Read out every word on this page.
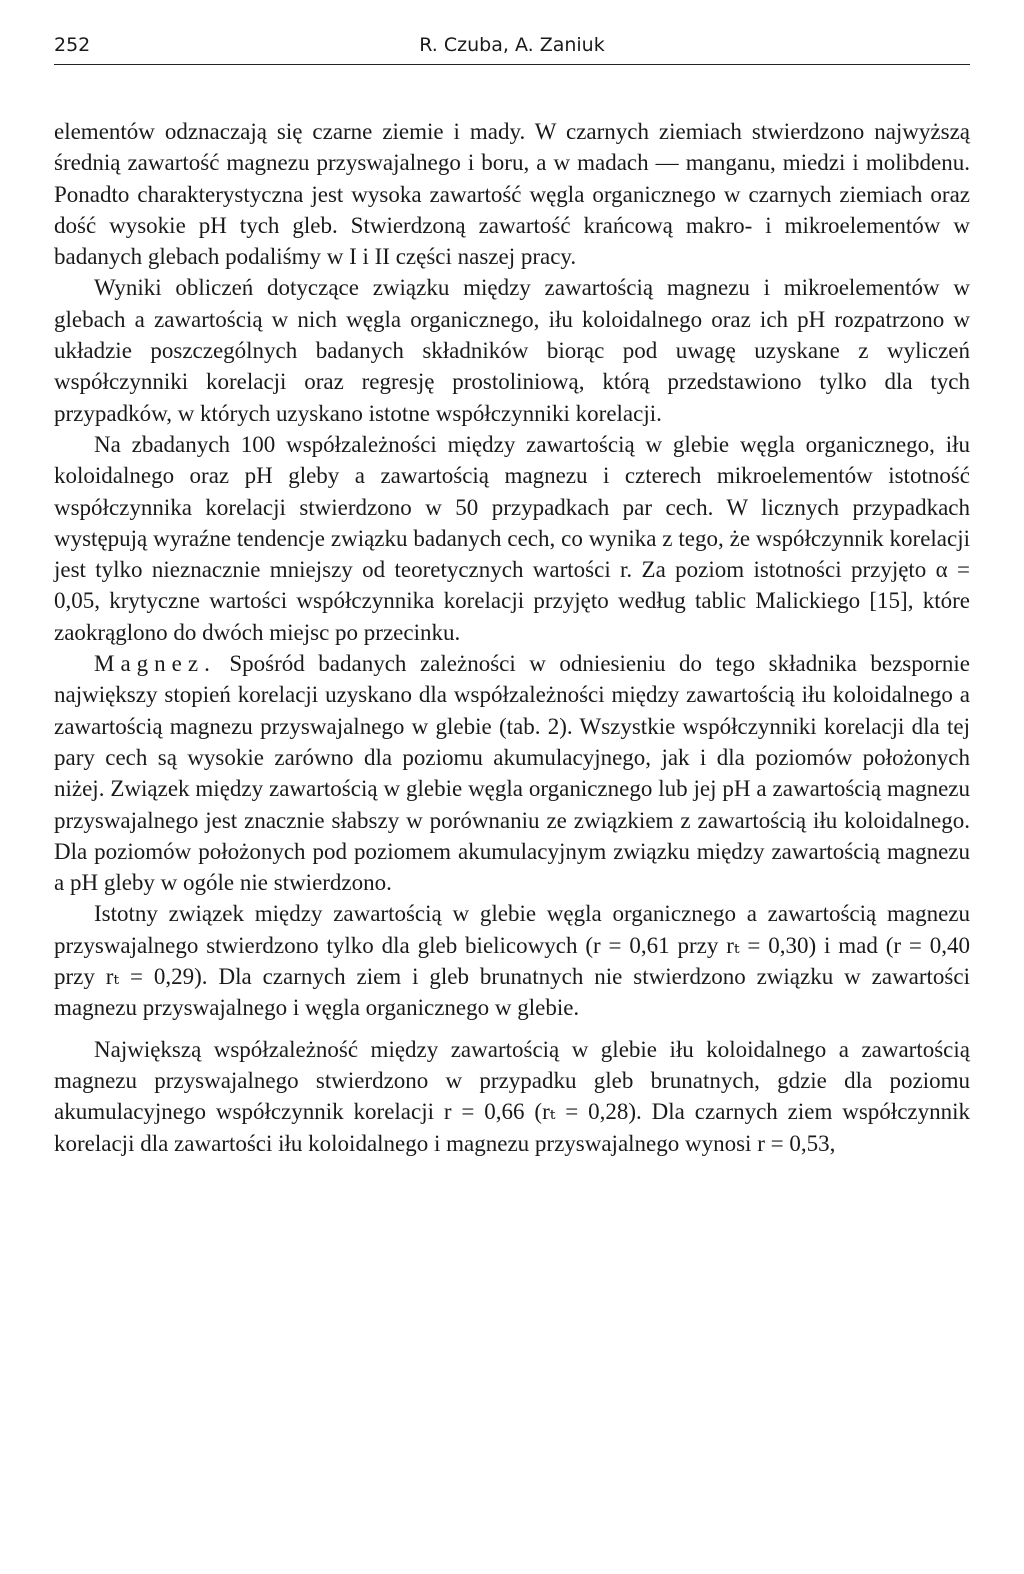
252	R. Czuba, A. Zaniuk

elementów odznaczają się czarne ziemie i mady. W czarnych ziemiach stwierdzono najwyższą średnią zawartość magnezu przyswajalnego i boru, a w madach — manganu, miedzi i molibdenu. Ponadto charakterystyczna jest wysoka zawartość węgla organicznego w czarnych ziemiach oraz dość wysokie pH tych gleb. Stwierdzoną zawartość krańcową makro- i mikroelementów w badanych glebach podaliśmy w I i II części naszej pracy.

Wyniki obliczeń dotyczące związku między zawartością magnezu i mikroelementów w glebach a zawartością w nich węgla organicznego, iłu koloidalnego oraz ich pH rozpatrzono w układzie poszczególnych badanych składników biorąc pod uwagę uzyskane z wyliczeń współczynniki korelacji oraz regresję prostoliniową, którą przedstawiono tylko dla tych przypadków, w których uzyskano istotne współczynniki korelacji.

Na zbadanych 100 współzależności między zawartością w glebie węgla organicznego, iłu koloidalnego oraz pH gleby a zawartością magnezu i czterech mikroelementów istotność współczynnika korelacji stwierdzono w 50 przypadkach par cech. W licznych przypadkach występują wyraźne tendencje związku badanych cech, co wynika z tego, że współczynnik korelacji jest tylko nieznacznie mniejszy od teoretycznych wartości r. Za poziom istotności przyjęto α = 0,05, krytyczne wartości współczynnika korelacji przyjęto według tablic Malickiego [15], które zaokrąglono do dwóch miejsc po przecinku.

Magnez. Spośród badanych zależności w odniesieniu do tego składnika bezspornie największy stopień korelacji uzyskano dla współzależności między zawartością iłu koloidalnego a zawartością magnezu przyswajalnego w glebie (tab. 2). Wszystkie współczynniki korelacji dla tej pary cech są wysokie zarówno dla poziomu akumulacyjnego, jak i dla poziomów położonych niżej. Związek między zawartością w glebie węgla organicznego lub jej pH a zawartością magnezu przyswajalnego jest znacznie słabszy w porównaniu ze związkiem z zawartością iłu koloidalnego. Dla poziomów położonych pod poziomem akumulacyjnym związku między zawartością magnezu a pH gleby w ogóle nie stwierdzono.

Istotny związek między zawartością w glebie węgla organicznego a zawartością magnezu przyswajalnego stwierdzono tylko dla gleb bielicowych (r = 0,61 przy rₜ = 0,30) i mad (r = 0,40 przy rₜ = 0,29). Dla czarnych ziem i gleb brunatnych nie stwierdzono związku w zawartości magnezu przyswajalnego i węgla organicznego w glebie.

Największą współzależność między zawartością w glebie iłu koloidalnego a zawartością magnezu przyswajalnego stwierdzono w przypadku gleb brunatnych, gdzie dla poziomu akumulacyjnego współczynnik korelacji r = 0,66 (rₜ = 0,28). Dla czarnych ziem współczynnik korelacji dla zawartości iłu koloidalnego i magnezu przyswajalnego wynosi r = 0,53,
